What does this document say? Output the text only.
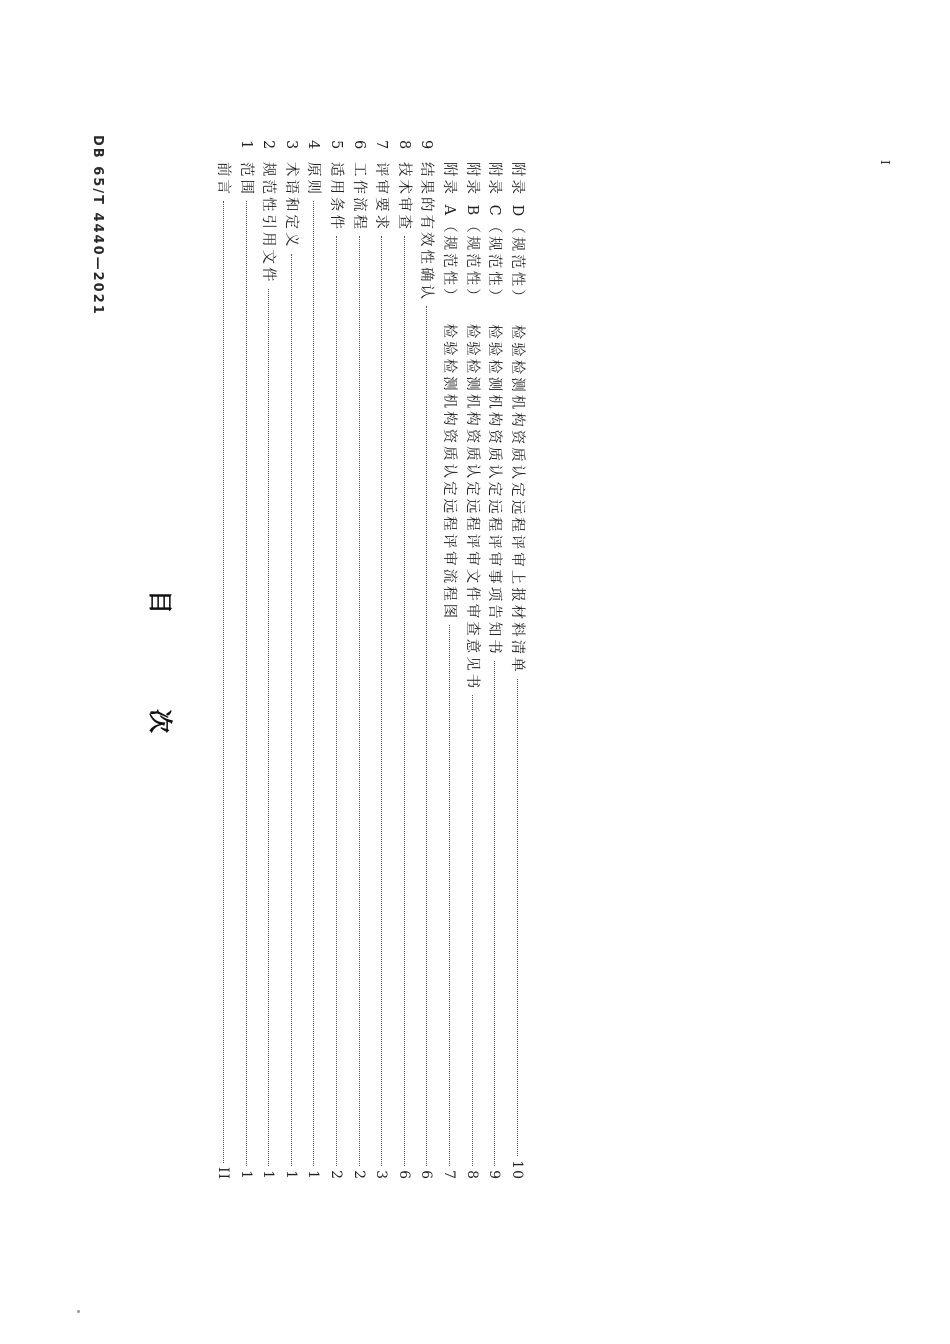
DB 65/T 4440—2021	I
目次
前言
II
1
范围
1
2
规范性引用文件
1
3
术语和定义
1
4
原则
1
5
适用条件
2
6
工作流程
2
7
评审要求
3
8
技术审查
6
9
结果的有效性确认
6
附录 A（规范性）
检验检测机构资质认定远程评审流程图
7
附录 B（规范性）
检验检测机构资质认定远程评审文件审查意见书
8
附录 C（规范性）
检验检测机构资质认定远程评审事项告知书
9
附录 D（规范性）
检验检测机构资质认定远程评审上报材料清单
10
